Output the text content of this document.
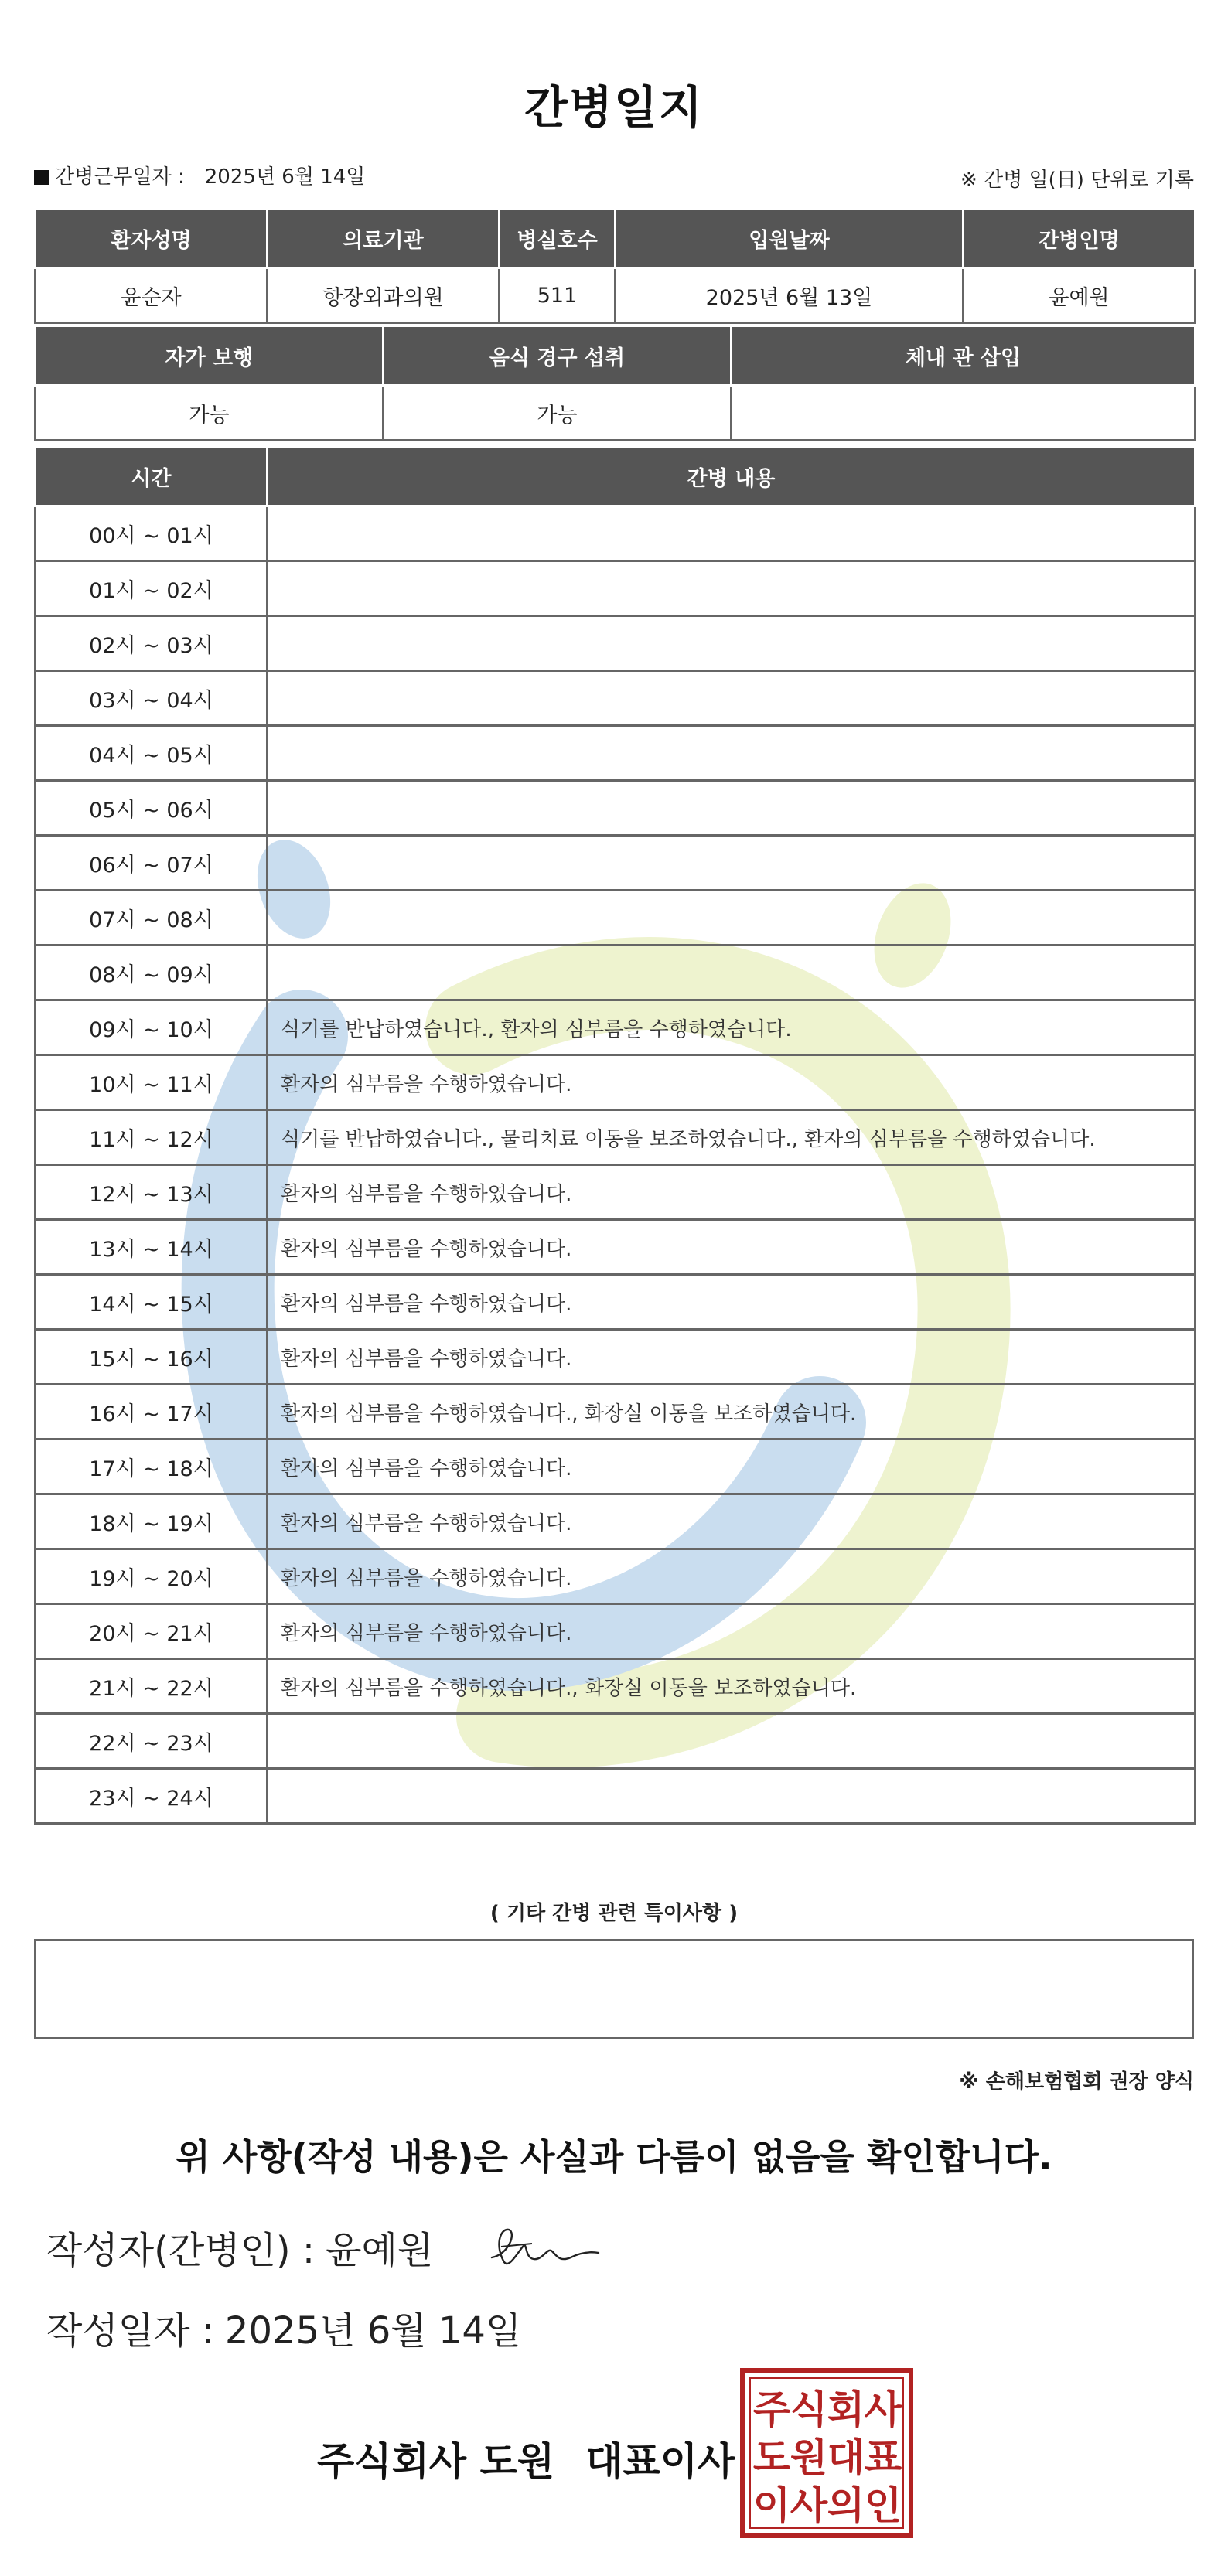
간병일지
간병근무일자 : 2025년 6월 14일	※ 간병 일(日) 단위로 기록
환자성명	의료기관	병실호수	입원날짜	간병인명
윤순자	항장외과의원	511	2025년 6월 13일	윤예원
자가 보행	음식 경구 섭취	체내 관 삽입
가능	가능	
시간	간병 내용
00시 ~ 01시	
01시 ~ 02시	
02시 ~ 03시	
03시 ~ 04시	
04시 ~ 05시	
05시 ~ 06시	
06시 ~ 07시	
07시 ~ 08시	
08시 ~ 09시	
09시 ~ 10시	식기를 반납하였습니다., 환자의 심부름을 수행하였습니다.
10시 ~ 11시	환자의 심부름을 수행하였습니다.
11시 ~ 12시	식기를 반납하였습니다., 물리치료 이동을 보조하였습니다., 환자의 심부름을 수행하였습니다.
12시 ~ 13시	환자의 심부름을 수행하였습니다.
13시 ~ 14시	환자의 심부름을 수행하였습니다.
14시 ~ 15시	환자의 심부름을 수행하였습니다.
15시 ~ 16시	환자의 심부름을 수행하였습니다.
16시 ~ 17시	환자의 심부름을 수행하였습니다., 화장실 이동을 보조하였습니다.
17시 ~ 18시	환자의 심부름을 수행하였습니다.
18시 ~ 19시	환자의 심부름을 수행하였습니다.
19시 ~ 20시	환자의 심부름을 수행하였습니다.
20시 ~ 21시	환자의 심부름을 수행하였습니다.
21시 ~ 22시	환자의 심부름을 수행하였습니다., 화장실 이동을 보조하였습니다.
22시 ~ 23시	
23시 ~ 24시	
( 기타 간병 관련 특이사항 )
※ 손해보험협회 권장 양식
위 사항(작성 내용)은 사실과 다름이 없음을 확인합니다.
작성자(간병인) : 윤예원
작성일자 : 2025년 6월 14일
주식회사 도원 대표이사
주 식 회 사
도 원 대 표
이 사 의 인
